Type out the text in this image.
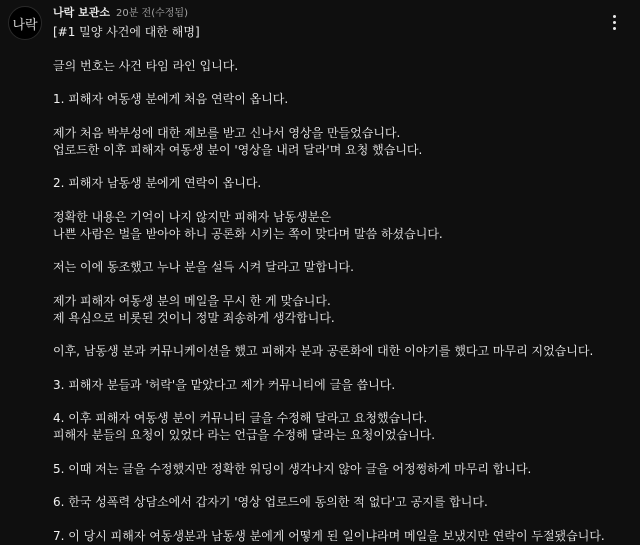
나락
나락 보관소 20분 전(수정됨)

[#1 밀양 사건에 대한 해명]

글의 번호는 사건 타임 라인 입니다.

1. 피해자 여동생 분에게 처음 연락이 옵니다.

제가 처음 박부성에 대한 제보를 받고 신나서 영상을 만들었습니다.

업로드한 이후 피해자 여동생 분이 '영상을 내려 달라'며 요청 했습니다.

2. 피해자 남동생 분에게 연락이 옵니다.

정확한 내용은 기억이 나지 않지만 피해자 남동생분은

나쁜 사람은 벌을 받아야 하니 공론화 시키는 쪽이 맞다며 말씀 하셨습니다.

저는 이에 동조했고 누나 분을 설득 시켜 달라고 말합니다.

제가 피해자 여동생 분의 메일을 무시 한 게 맞습니다.

제 욕심으로 비롯된 것이니 정말 죄송하게 생각합니다.

이후, 남동생 분과 커뮤니케이션을 했고 피해자 분과 공론화에 대한 이야기를 했다고 마무리 지었습니다.

3. 피해자 분들과 '허락'을 맡았다고 제가 커뮤니티에 글을 씁니다.

4. 이후 피해자 여동생 분이 커뮤니티 글을 수정해 달라고 요청했습니다.

피해자 분들의 요청이 있었다 라는 언급을 수정해 달라는 요청이었습니다.

5. 이때 저는 글을 수정했지만 정확한 워딩이 생각나지 않아 글을 어정쩡하게 마무리 합니다.

6. 한국 성폭력 상담소에서 갑자기 '영상 업로드에 동의한 적 없다'고 공지를 합니다.

7. 이 당시 피해자 여동생분과 남동생 분에게 어떻게 된 일이냐라며 메일을 보냈지만 연락이 두절됐습니다.
